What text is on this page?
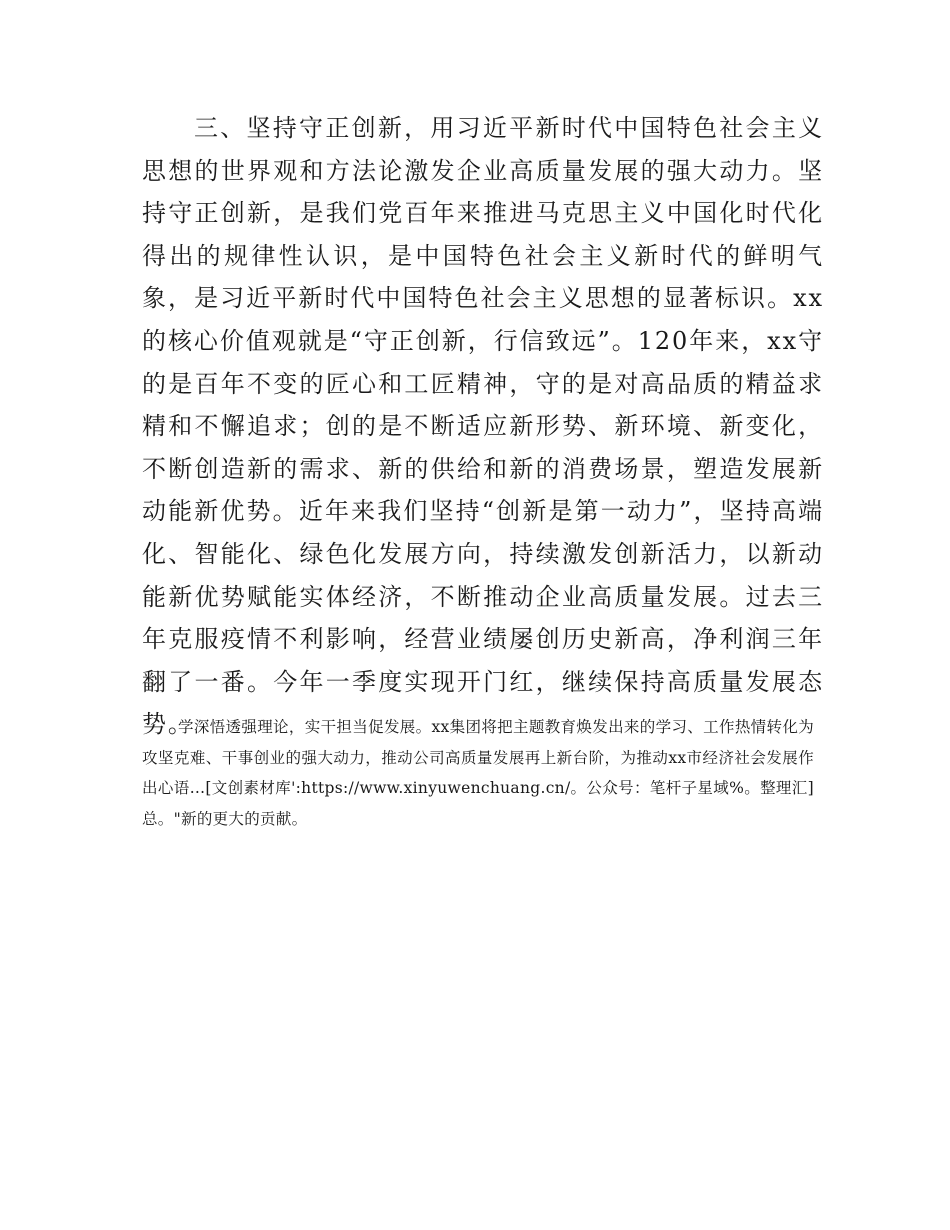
三、坚持守正创新，用习近平新时代中国特色社会主义思想的世界观和方法论激发企业高质量发展的强大动力。坚持守正创新，是我们党百年来推进马克思主义中国化时代化得出的规律性认识，是中国特色社会主义新时代的鲜明气象，是习近平新时代中国特色社会主义思想的显著标识。xx的核心价值观就是“守正创新，行信致远”。120年来，xx守的是百年不变的匠心和工匠精神，守的是对高品质的精益求精和不懈追求；创的是不断适应新形势、新环境、新变化，不断创造新的需求、新的供给和新的消费场景，塑造发展新动能新优势。近年来我们坚持“创新是第一动力”，坚持高端化、智能化、绿色化发展方向，持续激发创新活力，以新动能新优势赋能实体经济，不断推动企业高质量发展。过去三年克服疫情不利影响，经营业绩屡创历史新高，净利润三年翻了一番。今年一季度实现开门红，继续保持高质量发展态势。

学深悟透强理论，实干担当促发展。xx集团将把主题教育焕发出来的学习、工作热情转化为攻坚克难、干事创业的强大动力，推动公司高质量发展再上新台阶，为推动xx市经济社会发展作出心语…[文创素材库':https://www.xinyuwenchuang.cn/。公众号：笔杆子星域%。整理汇]总。"新的更大的贡献。
